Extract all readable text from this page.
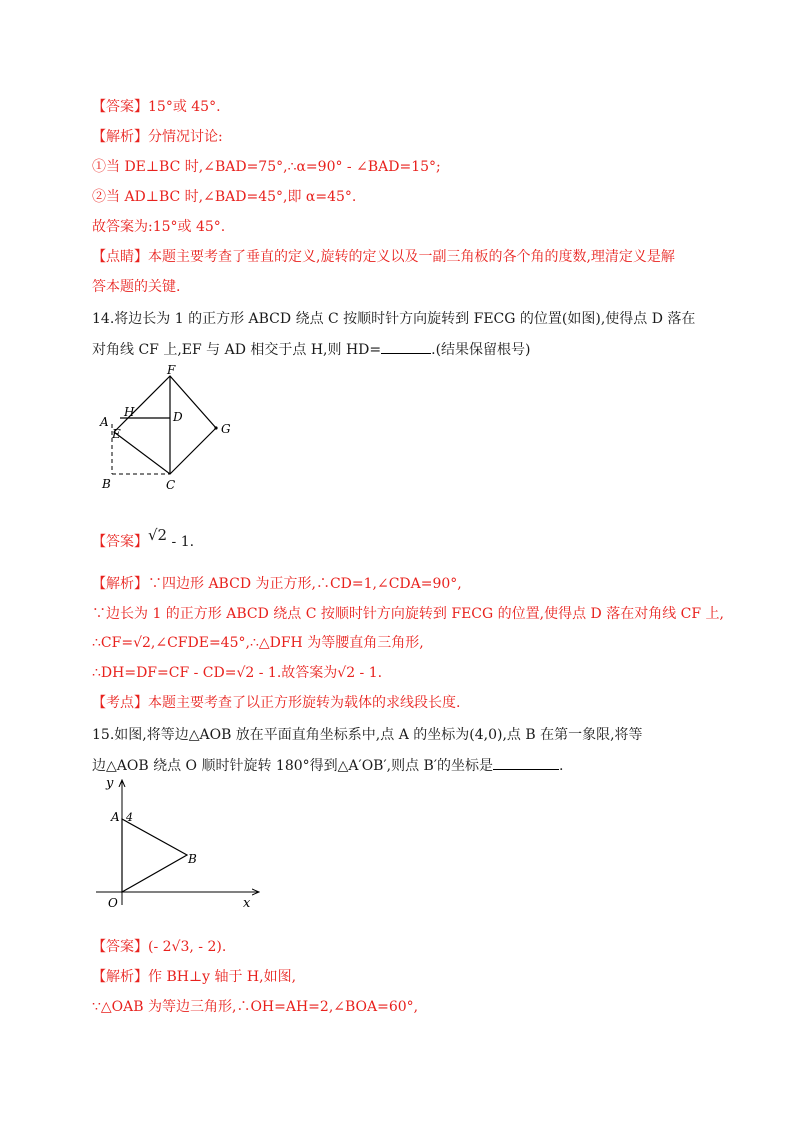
【答案】15°或 45°.
【解析】分情况讨论:
①当 DE⊥BC 时,∠BAD=75°,∴α=90° - ∠BAD=15°;
②当 AD⊥BC 时,∠BAD=45°,即 α=45°.
故答案为:15°或 45°.
【点睛】本题主要考查了垂直的定义,旋转的定义以及一副三角板的各个角的度数,理清定义是解
答本题的关键.
14.将边长为 1 的正方形 ABCD 绕点 C 按顺时针方向旋转到 FECG 的位置(如图),使得点 D 落在
对角线 CF 上,EF 与 AD 相交于点 H,则 HD=	.(结果保留根号)
F
A
H	D
E	G
B	C
【答案】√2 - 1.
【解析】∵四边形 ABCD 为正方形,∴CD=1,∠CDA=90°,
∵边长为 1 的正方形 ABCD 绕点 C 按顺时针方向旋转到 FECG 的位置,使得点 D 落在对角线 CF 上,
∴CF=√2,∠CFDE=45°,∴△DFH 为等腰直角三角形,
∴DH=DF=CF - CD=√2 - 1.故答案为√2 - 1.
【考点】本题主要考查了以正方形旋转为载体的求线段长度.
15.如图,将等边△AOB 放在平面直角坐标系中,点 A 的坐标为(4,0),点 B 在第一象限,将等
边△AOB 绕点 O 顺时针旋转 180°得到△A′OB′,则点 B′的坐标是	.
y
A 4
B
O	x
【答案】(- 2√3, - 2).
【解析】作 BH⊥y 轴于 H,如图,
∵△OAB 为等边三角形,∴OH=AH=2,∠BOA=60°,
